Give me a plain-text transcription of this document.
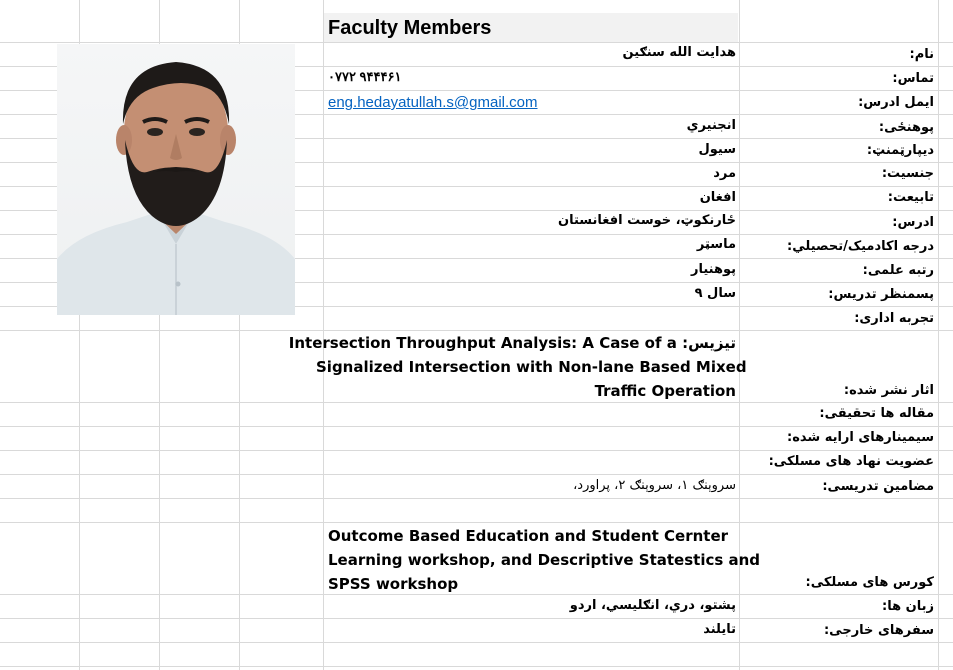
Faculty Members
نام:
تماس:
ایمل ادرس:
پوهنځی:
دیپارټمنټ:
جنسیت:
تابیعت:
ادرس:
درجه اکادمیک/تحصیلي:
رتبه علمی:
پسمنظر تدریس:
تجربه اداری:
اثار نشر شده:
مقاله ها تحقیقی:
سیمینارهای ارایه شده:
عضویت نهاد های مسلکی:
مضامین تدریسی:
کورس های مسلکی:
زبان ها:
سفرهای خارجی:
هدایت الله سنګین
۰۷۷۲ ۹۴۴۴۶۱
eng.hedayatullah.s@gmail.com
انجنیري
سیول
مرد
افغان
ځارنکوټ، خوست افغانستان
ماسټر
پوهنیار
سال ۹
تیزیس: Intersection Throughput Analysis: A Case of a
Signalized Intersection with Non-lane Based Mixed
Traffic Operation
سروېنګ ۱، سروېنګ ۲، پراورد،
Outcome Based Education and Student Cernter
Learning workshop, and Descriptive Statestics and
SPSS workshop
پشتو، دري، انګلیسي، اردو
تایلند
